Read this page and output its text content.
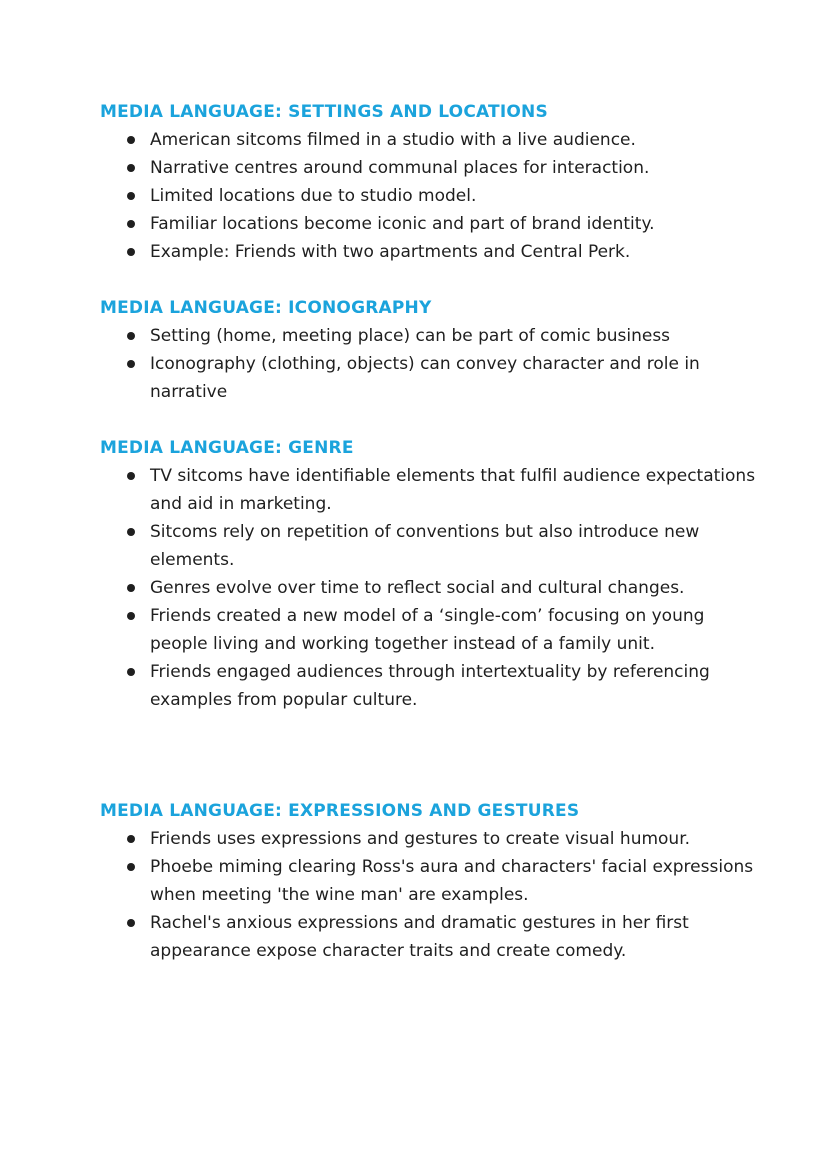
MEDIA LANGUAGE: SETTINGS AND LOCATIONS
American sitcoms filmed in a studio with a live audience.
Narrative centres around communal places for interaction.
Limited locations due to studio model.
Familiar locations become iconic and part of brand identity.
Example: Friends with two apartments and Central Perk.
MEDIA LANGUAGE: ICONOGRAPHY
Setting (home, meeting place) can be part of comic business
Iconography (clothing, objects) can convey character and role in narrative
MEDIA LANGUAGE: GENRE
TV sitcoms have identifiable elements that fulfil audience expectations and aid in marketing.
Sitcoms rely on repetition of conventions but also introduce new elements.
Genres evolve over time to reflect social and cultural changes.
Friends created a new model of a ‘single-com’ focusing on young people living and working together instead of a family unit.
Friends engaged audiences through intertextuality by referencing examples from popular culture.
MEDIA LANGUAGE: EXPRESSIONS AND GESTURES
Friends uses expressions and gestures to create visual humour.
Phoebe miming clearing Ross's aura and characters' facial expressions when meeting 'the wine man' are examples.
Rachel's anxious expressions and dramatic gestures in her first appearance expose character traits and create comedy.
